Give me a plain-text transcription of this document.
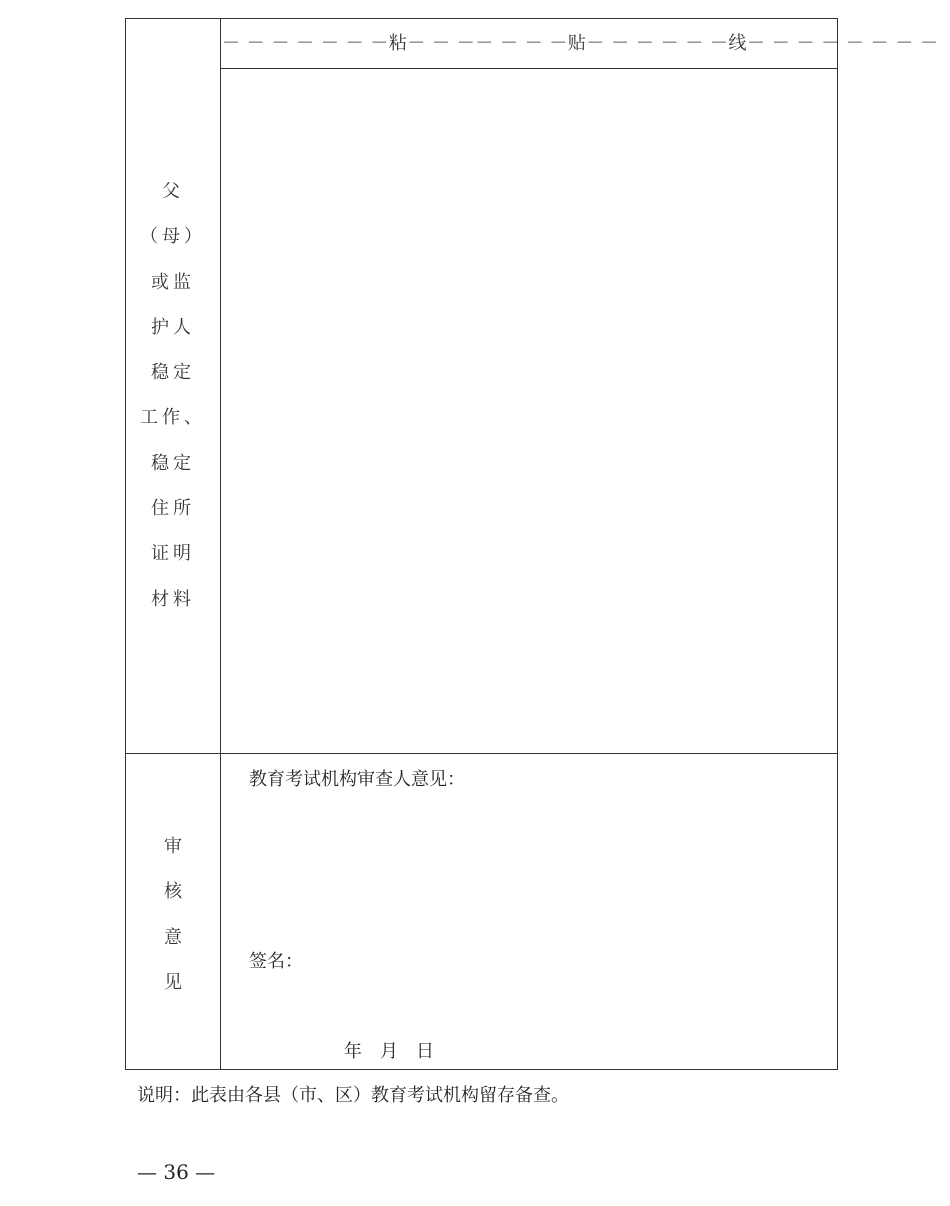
－ － － － － － －粘－ － －－ － － －贴－ － － － － －线－ － － － － － － －
父
（母）
或监
护人
稳定
工作、
稳定
住所
证明
材料
审
核
意
见
教育考试机构审查人意见：
签名：
年　月　日
说明：此表由各县（市、区）教育考试机构留存备查。
— 36 —
